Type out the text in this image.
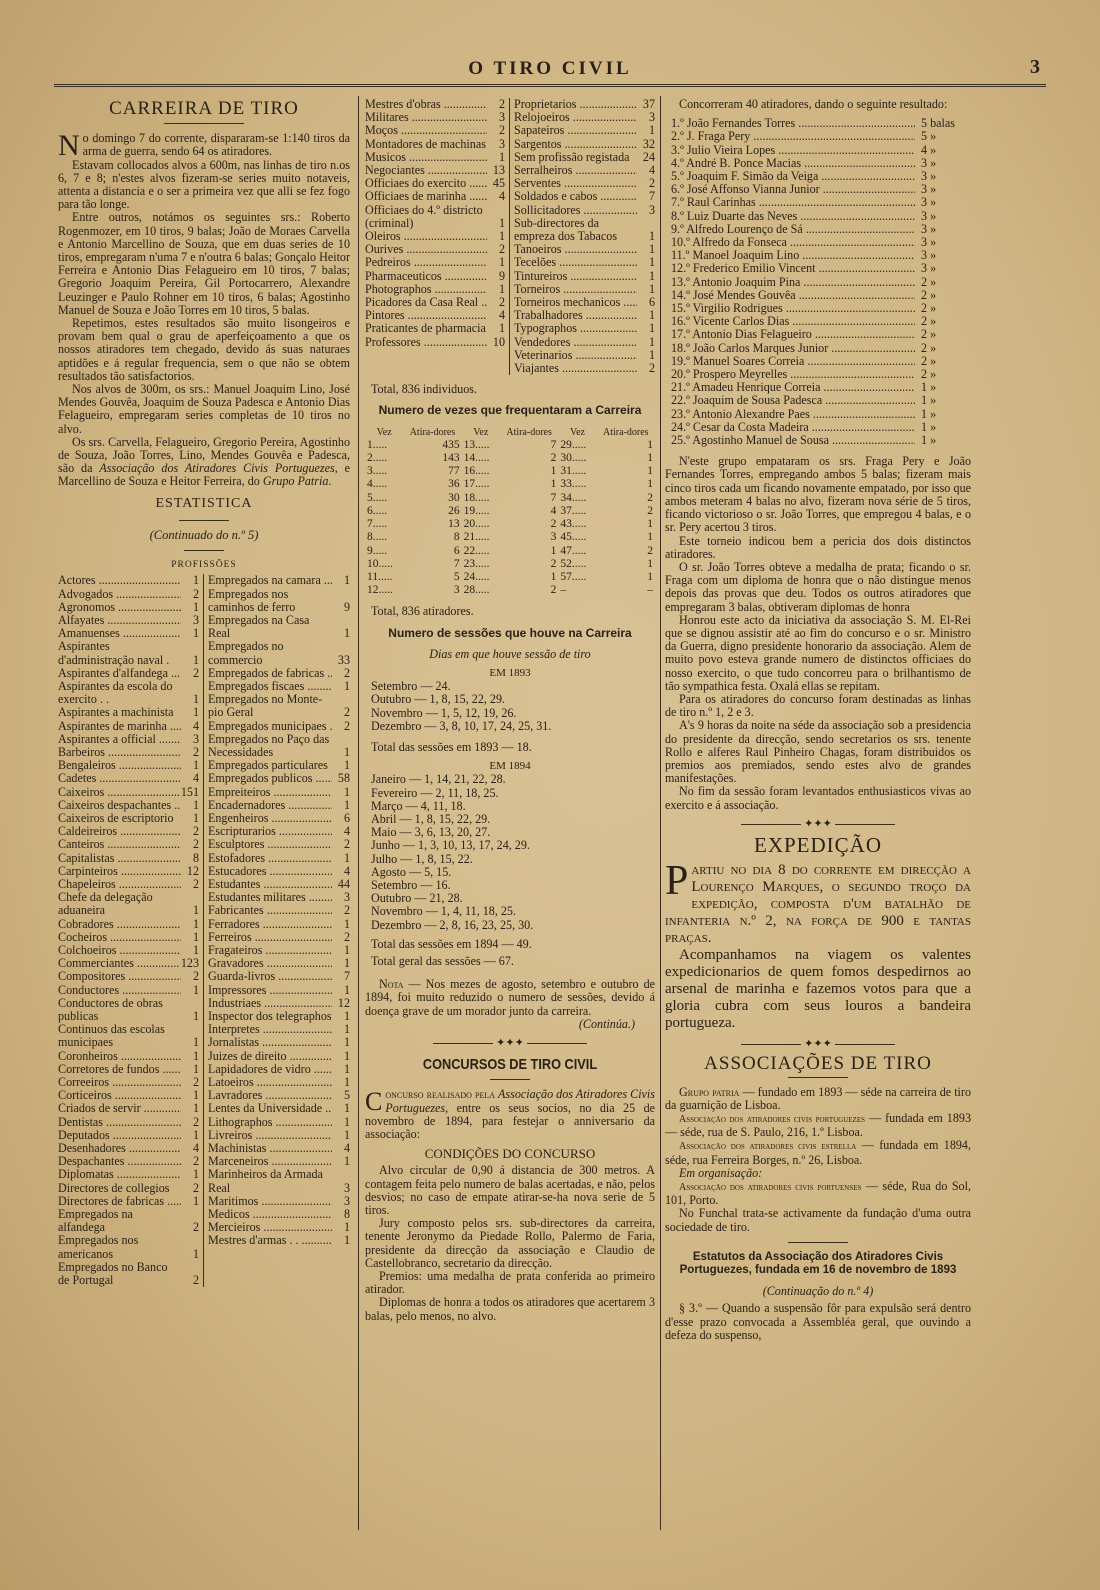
O TIRO CIVIL	3
CARREIRA DE TIRO

No domingo 7 do corrente, dispararam-se 1:140 tiros da arma de guerra, sendo 64 os atiradores.

Estavam collocados alvos a 600m, nas linhas de tiro n.os 6, 7 e 8; n'estes alvos fizeram-se series muito notaveis, attenta a distancia e o ser a primeira vez que alli se fez fogo para tão longe.

Entre outros, notámos os seguintes srs.: Roberto Rogenmozer, em 10 tiros, 9 balas; João de Moraes Carvella e Antonio Marcellino de Souza, que em duas series de 10 tiros, empregaram n'uma 7 e n'outra 6 balas; Gonçalo Heitor Ferreira e Antonio Dias Felagueiro em 10 tiros, 7 balas; Gregorio Joaquim Pereira, Gil Portocarrero, Alexandre Leuzinger e Paulo Rohner em 10 tiros, 6 balas; Agostinho Manuel de Souza e João Torres em 10 tiros, 5 balas.

Repetimos, estes resultados são muito lisongeiros e provam bem qual o grau de aperfeiçoamento a que os nossos atiradores tem chegado, devido ás suas naturaes aptidões e á regular frequencia, sem o que não se obtem resultados tão satisfactorios.

Nos alvos de 300m, os srs.: Manuel Joaquim Lino, José Mendes Gouvêa, Joaquim de Souza Padesca e Antonio Dias Felagueiro, empregaram series completas de 10 tiros no alvo.

Os srs. Carvella, Felagueiro, Gregorio Pereira, Agostinho de Souza, João Torres, Lino, Mendes Gouvêa e Padesca, são da Associação dos Atiradores Civis Portuguezes, e Marcellino de Souza e Heitor Ferreira, do Grupo Patria.

ESTATISTICA
(Continuado do n.º 5)
PROFISSÕES
Actores .....	1
Advogados .....	2
Agronomos .....	1
Alfayates .....	3
Amanuenses .....	1
Aspirantes d'administração naval .	1
Aspirantes d'alfandega .....	2
Aspirantes da escola do exercito . .	1
Aspirantes a machinista	1
Aspirantes de marinha .....	4
Aspirantes a official .....	3
Barbeiros .....	2
Bengaleiros .....	1
Cadetes .....	4
Caixeiros .....	151
Caixeiros despachantes .....	1
Caixeiros de escriptorio	1
Caldeireiros .....	2
Canteiros .....	2
Capitalistas .....	8
Carpinteiros .....	12
Chapeleiros .....	2
Chefe da delegação aduaneira	1
Cobradores .....	1
Cocheiros .....	1
Colchoeiros .....	1
Commerciantes .....	123
Compositores .....	2
Conductores .....	1
Conductores de obras publicas	1
Continuos das escolas municipaes	1
Coronheiros .....	1
Corretores de fundos .....	1
Correeiros .....	2
Corticeiros .....	1
Criados de servir .....	1
Dentistas .....	2
Deputados .....	1
Desenhadores .....	4
Despachantes .....	2
Diplomatas .....	1
Directores de collegios	2
Directores de fabricas .....	1
Empregados na alfandega	2
Empregados nos americanos	1
Empregados no Banco de Portugal	2
Empregados na camara .....	1
Empregados nos caminhos de ferro	9
Empregados na Casa Real	1
Empregados no commercio	33
Empregados de fabricas .....	2
Empregados fiscaes .....	1
Empregados no Monte-pio Geral	2
Empregados municipaes .....	2
Empregados no Paço das Necessidades	1
Empregados particulares	1
Empregados publicos .....	58
Empreiteiros .....	1
Encadernadores .....	1
Engenheiros .....	6
Escripturarios .....	4
Esculptores .....	2
Estofadores .....	1
Estucadores .....	4
Estudantes .....	44
Estudantes militares .....	3
Fabricantes .....	2
Ferradores .....	1
Ferreiros .....	2
Fragateiros .....	1
Gravadores .....	1
Guarda-livros .....	7
Impressores .....	1
Industriaes .....	12
Inspector dos telegraphos	1
Interpretes .....	1
Jornalistas .....	1
Juizes de direito .....	1
Lapidadores de vidro .....	1
Latoeiros .....	1
Lavradores .....	5
Lentes da Universidade .....	1
Lithographos .....	1
Livreiros .....	1
Machinistas .....	4
Marceneiros .....	1
Marinheiros da Armada Real	3
Maritimos .....	3
Medicos .....	8
Mercieiros .....	1
Mestres d'armas . . .....	1
Mestres d'obras .....	2
Militares .....	3
Moços .....	2
Montadores de machinas .....	3
Musicos .....	1
Negociantes .....	13
Officiaes do exercito .....	45
Officiaes de marinha .....	4
Officiaes do 4.º districto (criminal)	1
Oleiros .....	1
Ourives .....	2
Pedreiros .....	1
Pharmaceuticos .....	9
Photographos .....	1
Picadores da Casa Real .....	2
Pintores .....	4
Praticantes de pharmacia	1
Professores .....	10
Proprietarios .....	37
Relojoeiros .....	3
Sapateiros .....	1
Sargentos .....	32
Sem profissão registada	24
Serralheiros .....	4
Serventes .....	2
Soldados e cabos .....	7
Sollicitadores .....	3
Sub-directores da empreza dos Tabacos	1
Tanoeiros .....	1
Tecelões .....	1
Tintureiros .....	1
Torneiros .....	1
Torneiros mechanicos .....	6
Trabalhadores .....	1
Typographos .....	1
Vendedores .....	1
Veterinarios .....	1
Viajantes .....	2

Total, 836 individuos.

Numero de vezes que frequentaram a Carreira
Vez	Atira-dores	Vez	Atira-dores	Vez	Atira-dores
1.....	435	13.....	7	29.....	1
2.....	143	14.....	2	30.....	1
3.....	77	16.....	1	31.....	1
4.....	36	17.....	1	33.....	1
5.....	30	18.....	7	34.....	2
6.....	26	19.....	4	37.....	2
7.....	13	20.....	2	43.....	1
8.....	8	21.....	3	45.....	1
9.....	6	22.....	1	47.....	2
10.....	7	23.....	2	52.....	1
11.....	5	24.....	1	57.....	1
12.....	3	28.....	2	–	–

Total, 836 atiradores.

Numero de sessões que houve na Carreira
Dias em que houve sessão de tiro
EM 1893
Setembro — 24.
Outubro — 1, 8, 15, 22, 29.
Novembro — 1, 5, 12, 19, 26.
Dezembro — 3, 8, 10, 17, 24, 25, 31.

Total das sessões em 1893 — 18.

EM 1894
Janeiro — 1, 14, 21, 22, 28.
Fevereiro — 2, 11, 18, 25.
Março — 4, 11, 18.
Abril — 1, 8, 15, 22, 29.
Maio — 3, 6, 13, 20, 27.
Junho — 1, 3, 10, 13, 17, 24, 29.
Julho — 1, 8, 15, 22.
Agosto — 5, 15.
Setembro — 16.
Outubro — 21, 28.
Novembro — 1, 4, 11, 18, 25.
Dezembro — 2, 8, 16, 23, 25, 30.

Total das sessões em 1894 — 49.

Total geral das sessões — 67.

Nota — Nos mezes de agosto, setembro e outubro de 1894, foi muito reduzido o numero de sessões, devido á doença grave de um morador junto da carreira.

(Continúa.)

✦✦✦
CONCURSOS DE TIRO CIVIL

Concurso realisado pela Associação dos Atiradores Civis Portuguezes, entre os seus socios, no dia 25 de novembro de 1894, para festejar o anniversario da associação:

CONDIÇÕES DO CONCURSO

Alvo circular de 0,90 á distancia de 300 metros. A contagem feita pelo numero de balas acertadas, e não, pelos desvios; no caso de empate atirar-se-ha nova serie de 5 tiros.

Jury composto pelos srs. sub-directores da carreira, tenente Jeronymo da Piedade Rollo, Palermo de Faria, presidente da direcção da associação e Claudio de Castellobranco, secretario da direcção.

Premios: uma medalha de prata conferida ao primeiro atirador.

Diplomas de honra a todos os atiradores que acertarem 3 balas, pelo menos, no alvo.

Concorreram 40 atiradores, dando o seguinte resultado:

1.º João Fernandes Torres .....	5 balas
2.º J. Fraga Pery .....	5 »
3.º Julio Vieira Lopes .....	4 »
4.º André B. Ponce Macias .....	3 »
5.º Joaquim F. Simão da Veiga .....	3 »
6.º José Affonso Vianna Junior .....	3 »
7.º Raul Carinhas .....	3 »
8.º Luiz Duarte das Neves .....	3 »
9.º Alfredo Lourenço de Sá .....	3 »
10.º Alfredo da Fonseca .....	3 »
11.º Manoel Joaquim Lino .....	3 »
12.º Frederico Emilio Vincent .....	3 »
13.º Antonio Joaquim Pina .....	2 »
14.º José Mendes Gouvêa .....	2 »
15.º Virgilio Rodrigues .....	2 »
16.º Vicente Carlos Dias .....	2 »
17.º Antonio Dias Felagueiro .....	2 »
18.º João Carlos Marques Junior .....	2 »
19.º Manuel Soares Correia .....	2 »
20.º Prospero Meyrelles .....	2 »
21.º Amadeu Henrique Correia .....	1 »
22.º Joaquim de Sousa Padesca .....	1 »
23.º Antonio Alexandre Paes .....	1 »
24.º Cesar da Costa Madeira .....	1 »
25.º Agostinho Manuel de Sousa .....	1 »

N'este grupo empataram os srs. Fraga Pery e João Fernandes Torres, empregando ambos 5 balas; fizeram mais cinco tiros cada um ficando novamente empatado, por isso que ambos meteram 4 balas no alvo, fizeram nova série de 5 tiros, ficando victorioso o sr. João Torres, que empregou 4 balas, e o sr. Pery acertou 3 tiros.

Este torneio indicou bem a pericia dos dois distinctos atiradores.

O sr. João Torres obteve a medalha de prata; ficando o sr. Fraga com um diploma de honra que o não distingue menos depois das provas que deu. Todos os outros atiradores que empregaram 3 balas, obtiveram diplomas de honra

Honrou este acto da iniciativa da associação S. M. El-Rei que se dignou assistir até ao fim do concurso e o sr. Ministro da Guerra, digno presidente honorario da associação. Alem de muito povo esteva grande numero de distinctos officiaes do nosso exercito, o que tudo concorreu para o brilhantismo de tão sympathica festa. Oxalá ellas se repitam.

Para os atiradores do concurso foram destinadas as linhas de tiro n.º 1, 2 e 3.

A's 9 horas da noite na séde da associação sob a presidencia do presidente da direcção, sendo secretarios os srs. tenente Rollo e alferes Raul Pinheiro Chagas, foram distribuidos os premios aos premiados, sendo estes alvo de grandes manifestações.

No fim da sessão foram levantados enthusiasticos vivas ao exercito e á associação.

✦✦✦
EXPEDIÇÃO

Partiu no dia 8 do corrente em direcção a Lourenço Marques, o segundo troço da expedição, composta d'um batalhão de infanteria n.º 2, na força de 900 e tantas praças.

Acompanhamos na viagem os valentes expedicionarios de quem fomos despedirnos ao arsenal de marinha e fazemos votos para que a gloria cubra com seus louros a bandeira portugueza.

✦✦✦
ASSOCIAÇÕES DE TIRO

Grupo patria — fundado em 1893 — séde na carreira de tiro da guarnição de Lisboa.

Associação dos atiradores civis portuguezes — fundada em 1893 — séde, rua de S. Paulo, 216, 1.º Lisboa.

Associação dos atiradores civis estrella — fundada em 1894, séde, rua Ferreira Borges, n.º 26, Lisboa.

Em organisação:

Associação dos atiradores civis portuenses — séde, Rua do Sol, 101, Porto.

No Funchal trata-se activamente da fundação d'uma outra sociedade de tiro.

Estatutos da Associação dos Atiradores Civis Portuguezes, fundada em 16 de novembro de 1893
(Continuação do n.º 4)

§ 3.º — Quando a suspensão fôr para expulsão será dentro d'esse prazo convocada a Assembléa geral, que ouvindo a defeza do suspenso,
